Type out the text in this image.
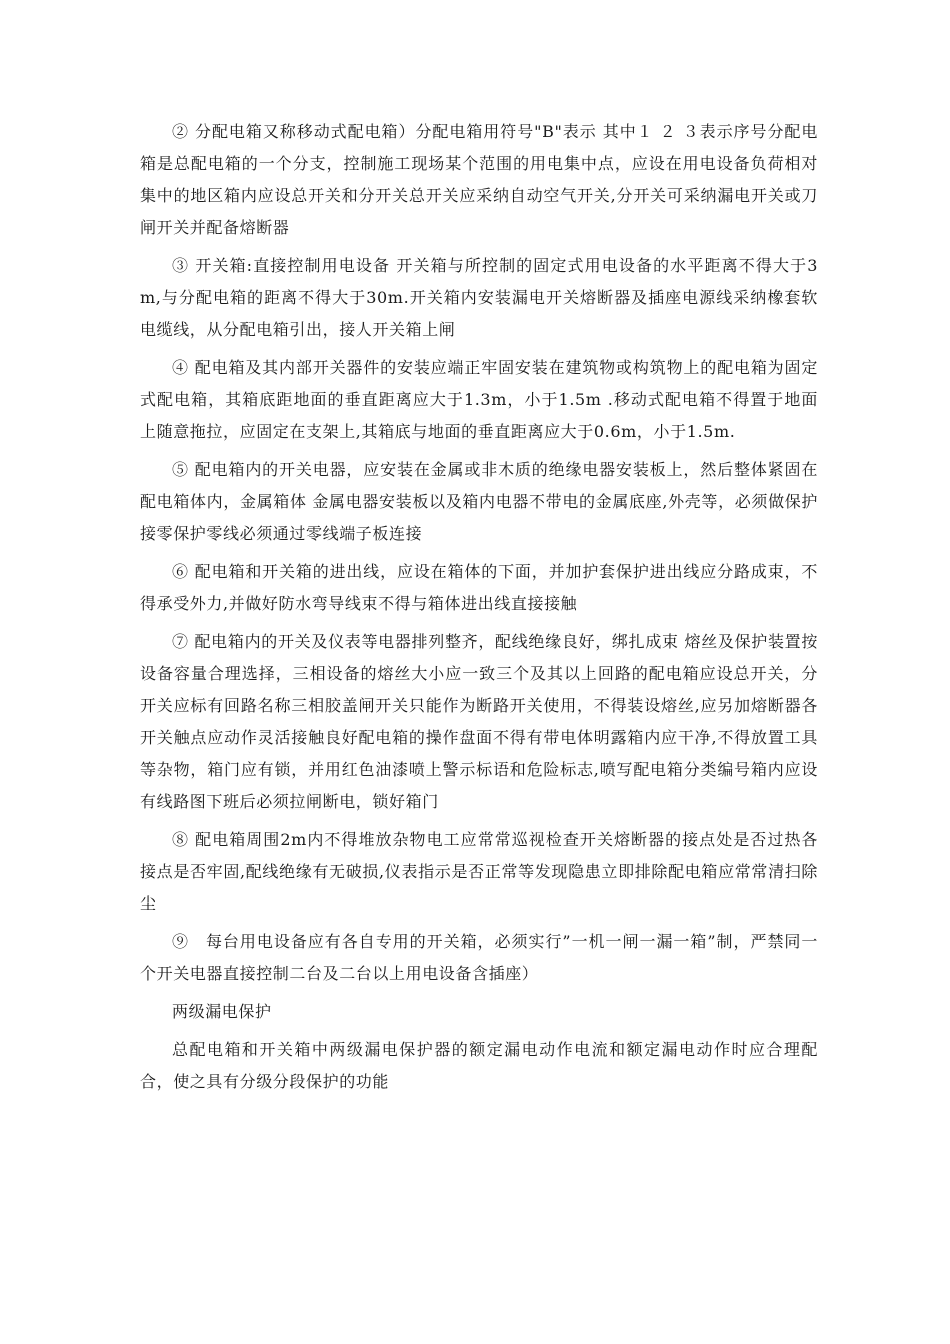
② 分配电箱又称移动式配电箱）分配电箱用符号"B"表示 其中１ ２ ３表示序号分配电箱是总配电箱的一个分支，控制施工现场某个范围的用电集中点，应设在用电设备负荷相对集中的地区箱内应设总开关和分开关总开关应采纳自动空气开关,分开关可采纳漏电开关或刀闸开关并配备熔断器

③ 开关箱:直接控制用电设备 开关箱与所控制的固定式用电设备的水平距离不得大于3m,与分配电箱的距离不得大于30m.开关箱内安装漏电开关熔断器及插座电源线采纳橡套软电缆线，从分配电箱引出，接人开关箱上闸

④ 配电箱及其内部开关器件的安装应端正牢固安装在建筑物或构筑物上的配电箱为固定式配电箱，其箱底距地面的垂直距离应大于1.3m，小于1.5m .移动式配电箱不得置于地面上随意拖拉，应固定在支架上,其箱底与地面的垂直距离应大于0.6m，小于1.5m.

⑤ 配电箱内的开关电器，应安装在金属或非木质的绝缘电器安装板上，然后整体紧固在配电箱体内，金属箱体 金属电器安装板以及箱内电器不带电的金属底座,外壳等，必须做保护接零保护零线必须通过零线端子板连接

⑥ 配电箱和开关箱的进出线，应设在箱体的下面，并加护套保护进出线应分路成束，不得承受外力,并做好防水弯导线束不得与箱体进出线直接接触

⑦ 配电箱内的开关及仪表等电器排列整齐，配线绝缘良好，绑扎成束 熔丝及保护装置按设备容量合理选择，三相设备的熔丝大小应一致三个及其以上回路的配电箱应设总开关，分开关应标有回路名称三相胶盖闸开关只能作为断路开关使用，不得装设熔丝,应另加熔断器各开关触点应动作灵活接触良好配电箱的操作盘面不得有带电体明露箱内应干净,不得放置工具等杂物，箱门应有锁，并用红色油漆喷上警示标语和危险标志,喷写配电箱分类编号箱内应设有线路图下班后必须拉闸断电，锁好箱门

⑧ 配电箱周围2m内不得堆放杂物电工应常常巡视检查开关熔断器的接点处是否过热各接点是否牢固,配线绝缘有无破损,仪表指示是否正常等发现隐患立即排除配电箱应常常清扫除尘

⑨　每台用电设备应有各自专用的开关箱，必须实行”一机一闸一漏一箱”制，严禁同一个开关电器直接控制二台及二台以上用电设备含插座）

两级漏电保护

总配电箱和开关箱中两级漏电保护器的额定漏电动作电流和额定漏电动作时应合理配合，使之具有分级分段保护的功能
